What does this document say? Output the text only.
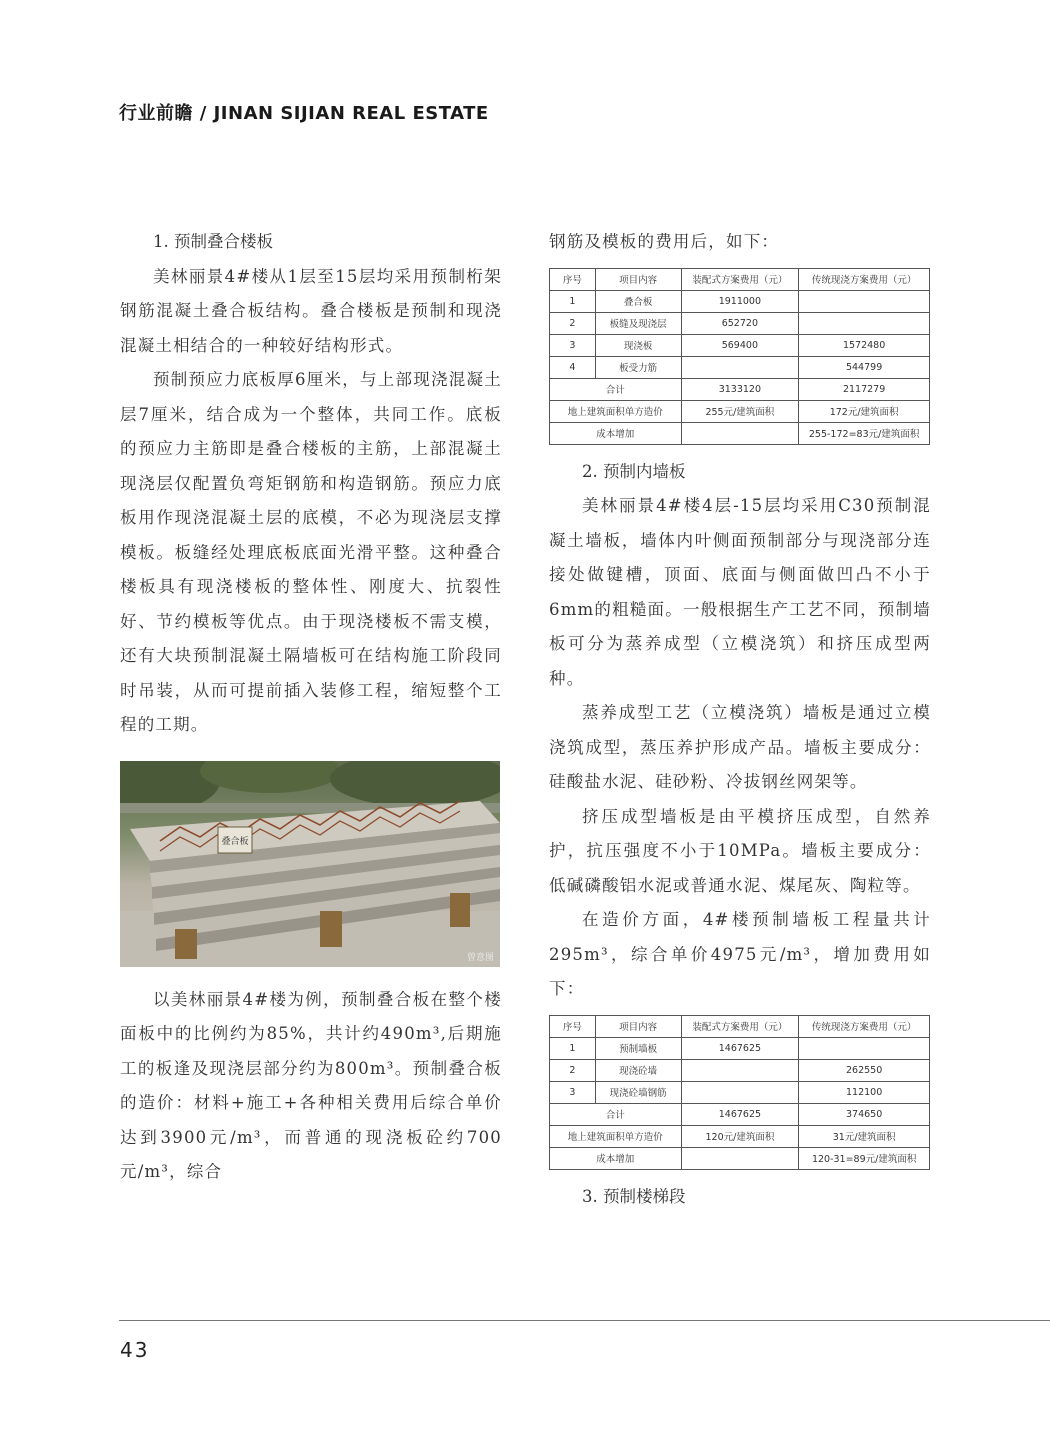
行业前瞻 / JINAN SIJIAN REAL ESTATE

1. 预制叠合楼板

美林丽景4#楼从1层至15层均采用预制桁架钢筋混凝土叠合板结构。叠合楼板是预制和现浇混凝土相结合的一种较好结构形式。

预制预应力底板厚6厘米，与上部现浇混凝土层7厘米，结合成为一个整体，共同工作。底板的预应力主筋即是叠合楼板的主筋，上部混凝土现浇层仅配置负弯矩钢筋和构造钢筋。预应力底板用作现浇混凝土层的底模，不必为现浇层支撑模板。板缝经处理底板底面光滑平整。这种叠合楼板具有现浇楼板的整体性、刚度大、抗裂性好、节约模板等优点。由于现浇楼板不需支模，还有大块预制混凝土隔墙板可在结构施工阶段同时吊装，从而可提前插入装修工程，缩短整个工程的工期。

叠合板
曾意图

以美林丽景4#楼为例，预制叠合板在整个楼面板中的比例约为85%，共计约490m³,后期施工的板逢及现浇层部分约为800m³。预制叠合板的造价：材料+施工+各种相关费用后综合单价达到3900元/m³，而普通的现浇板砼约700元/m³，综合

钢筋及模板的费用后，如下：

序号	项目内容	装配式方案费用（元）	传统现浇方案费用（元）
1	叠合板	1911000	
2	板缝及现浇层	652720	
3	现浇板	569400	1572480
4	板受力筋		544799
合计		3133120	2117279
地上建筑面积单方造价		255元/建筑面积	172元/建筑面积
成本增加			255-172=83元/建筑面积

2. 预制内墙板

美林丽景4#楼4层-15层均采用C30预制混凝土墙板，墙体内叶侧面预制部分与现浇部分连接处做键槽，顶面、底面与侧面做凹凸不小于6mm的粗糙面。一般根据生产工艺不同，预制墙板可分为蒸养成型（立模浇筑）和挤压成型两种。

蒸养成型工艺（立模浇筑）墙板是通过立模浇筑成型，蒸压养护形成产品。墙板主要成分：硅酸盐水泥、硅砂粉、冷拔钢丝网架等。

挤压成型墙板是由平模挤压成型，自然养护，抗压强度不小于10MPa。墙板主要成分：低碱磷酸铝水泥或普通水泥、煤尾灰、陶粒等。

在造价方面，4#楼预制墙板工程量共计295m³，综合单价4975元/m³，增加费用如下：

序号	项目内容	装配式方案费用（元）	传统现浇方案费用（元）
1	预制墙板	1467625	
2	现浇砼墙		262550
3	现浇砼墙钢筋		112100
合计		1467625	374650
地上建筑面积单方造价		120元/建筑面积	31元/建筑面积
成本增加			120-31=89元/建筑面积

3. 预制楼梯段

43
